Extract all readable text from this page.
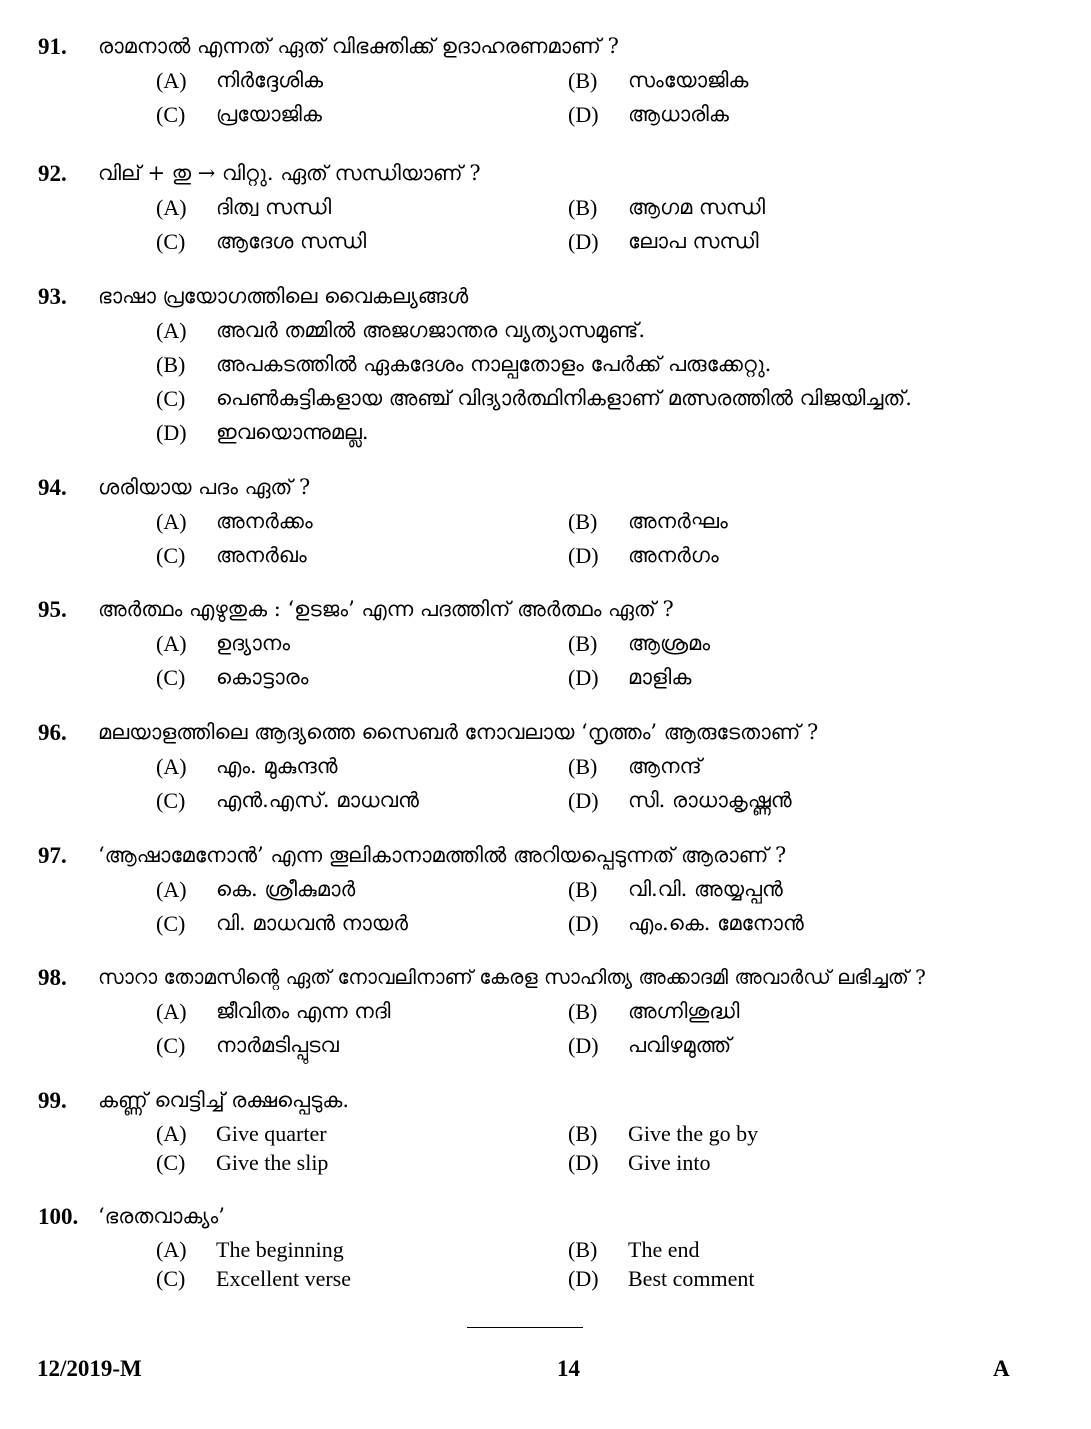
91. രാമനാൽ എന്നത് ഏത് വിഭക്തിക്ക് ഉദാഹരണമാണ് ?
(A) നിർദ്ദേശിക	(B) സംയോജിക
(C) പ്രയോജിക	(D) ആധാരിക
92. വില് + തു → വിറ്റു. ഏത് സന്ധിയാണ് ?
(A) ദിത്വ സന്ധി	(B) ആഗമ സന്ധി
(C) ആദേശ സന്ധി	(D) ലോപ സന്ധി
93. ഭാഷാ പ്രയോഗത്തിലെ വൈകല്യങ്ങൾ
(A) അവർ തമ്മിൽ അജഗജാന്തര വ്യത്യാസമുണ്ട്.
(B) അപകടത്തിൽ ഏകദേശം നാല്പതോളം പേർക്ക് പരുക്കേറ്റു.
(C) പെൺകുട്ടികളായ അഞ്ച് വിദ്യാർത്ഥിനികളാണ് മത്സരത്തിൽ വിജയിച്ചത്.
(D) ഇവയൊന്നുമല്ല.
94. ശരിയായ പദം ഏത് ?
(A) അനർക്കം	(B) അനർഘം
(C) അനർഖം	(D) അനർഗം
95. അർത്ഥം എഴുതുക : ‘ഉടജം’ എന്ന പദത്തിന് അർത്ഥം ഏത് ?
(A) ഉദ്യാനം	(B) ആശ്രമം
(C) കൊട്ടാരം	(D) മാളിക
96. മലയാളത്തിലെ ആദ്യത്തെ സൈബർ നോവലായ ‘നൃത്തം’ ആരുടേതാണ് ?
(A) എം. മുകുന്ദൻ	(B) ആനന്ദ്
(C) എൻ.എസ്. മാധവൻ	(D) സി. രാധാകൃഷ്ണൻ
97. ‘ആഷാമേനോൻ’ എന്ന തൂലികാനാമത്തിൽ അറിയപ്പെടുന്നത് ആരാണ് ?
(A) കെ. ശ്രീകുമാർ	(B) വി.വി. അയ്യപ്പൻ
(C) വി. മാധവൻ നായർ	(D) എം.കെ. മേനോൻ
98. സാറാ തോമസിന്റെ ഏത് നോവലിനാണ് കേരള സാഹിത്യ അക്കാദമി അവാർഡ് ലഭിച്ചത് ?
(A) ജീവിതം എന്ന നദി	(B) അഗ്നിശുദ്ധി
(C) നാർമടിപ്പുടവ	(D) പവിഴമുത്ത്
99. കണ്ണ് വെട്ടിച്ച് രക്ഷപ്പെടുക.
(A) Give quarter	(B) Give the go by
(C) Give the slip	(D) Give into
100. ‘ഭരതവാക്യം’
(A) The beginning	(B) The end
(C) Excellent verse	(D) Best comment
12/2019-M	14	A
